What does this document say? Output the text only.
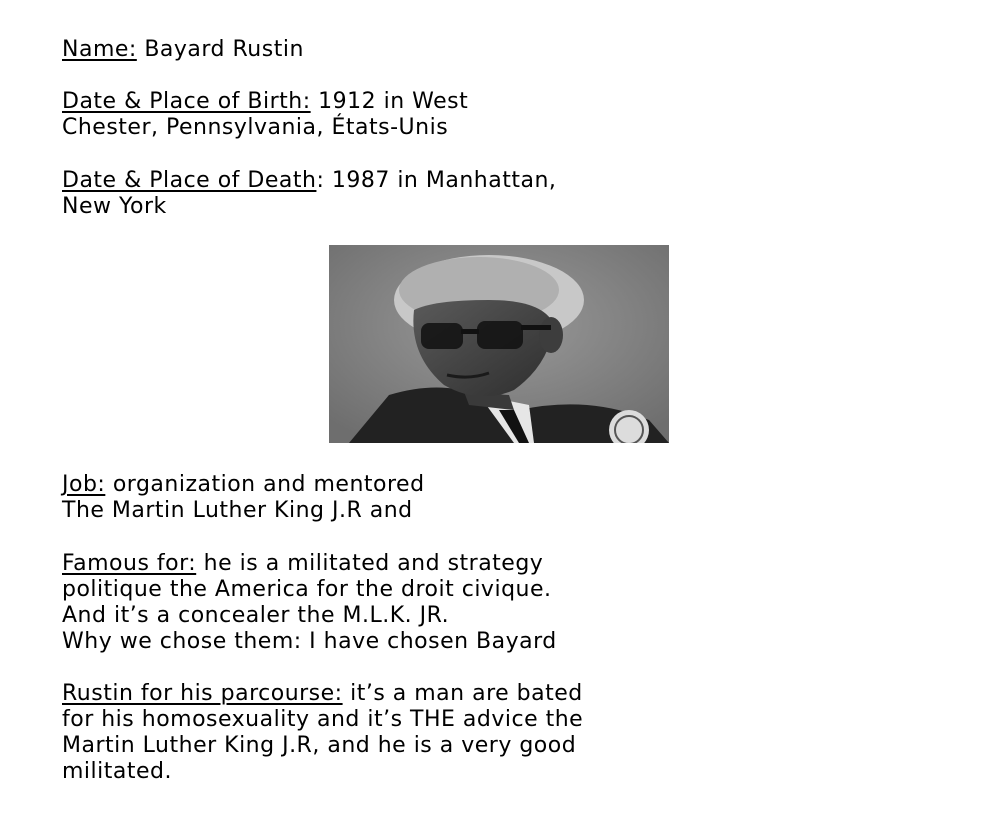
Name: Bayard Rustin
Date & Place of Birth: 1912 in West
Chester, Pennsylvania, États-Unis
Date & Place of Death: 1987 in Manhattan,
New York
Job: organization and mentored
The Martin Luther King J.R and
Famous for: he is a militated and strategy
politique the America for the droit civique.
And it’s a concealer the M.L.K. JR.
Why we chose them: I have chosen Bayard
Rustin for his parcourse: it’s a man are bated
for his homosexuality and it’s THE advice the
Martin Luther King J.R, and he is a very good
militated.
